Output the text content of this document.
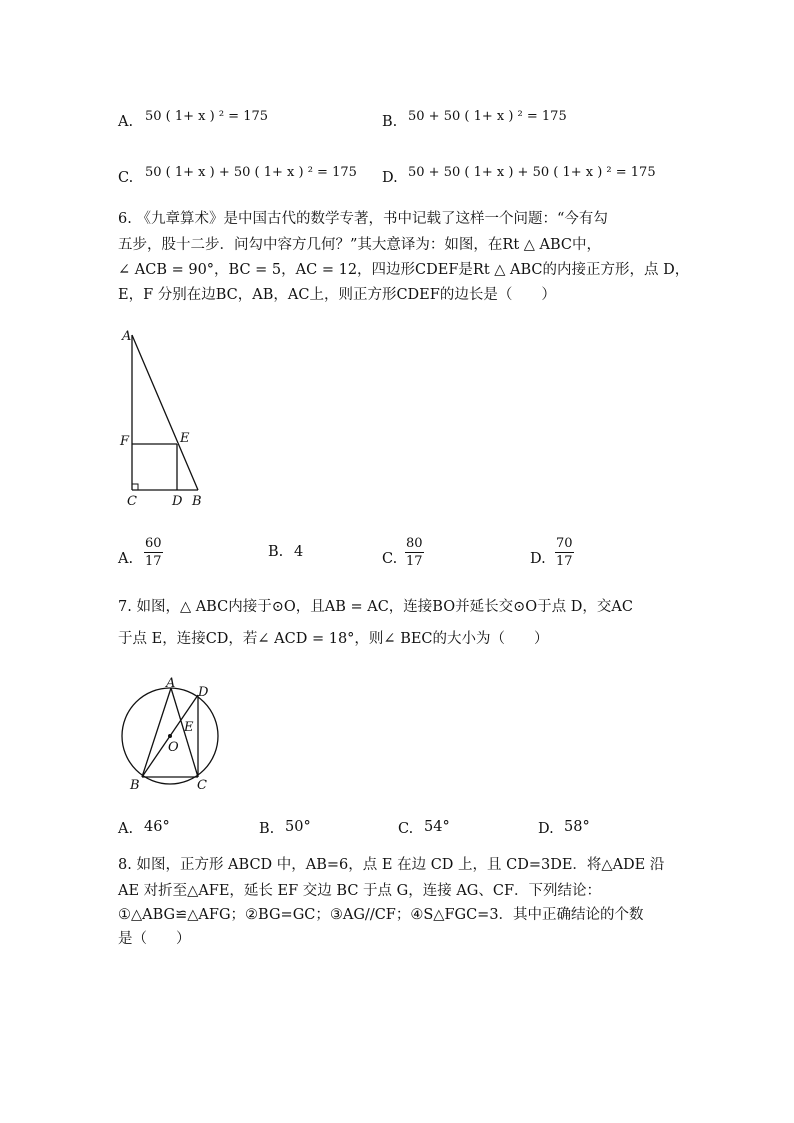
A. 50 ( 1+ x ) ² = 175	B. 50 + 50 ( 1+ x ) ² = 175
C. 50 ( 1+ x ) + 50 ( 1+ x ) ² = 175 D. 50 + 50 ( 1+ x ) + 50 ( 1+ x ) ² = 175
6. 《九章算术》是中国古代的数学专著，书中记载了这样一个问题：“今有勾
五步，股十二步．问勾中容方几何？”其大意译为：如图，在Rt △ ABC中，
∠ ACB = 90°，BC = 5，AC = 12，四边形CDEF是Rt △ ABC的内接正方形，点 D，
E，F 分别在边BC，AB，AC上，则正方形CDEF的边长是（　　）
A
F	E
C	D B
A. $\frac{60}{17}$	B. 4	C. $\frac{80}{17}$	D. $\frac{70}{17}$
7. 如图，△ ABC内接于⊙O，且AB = AC，连接BO并延长交⊙O于点 D，交AC
于点 E，连接CD，若∠ ACD = 18°，则∠ BEC的大小为（　　）
A
D
E
O
B	C
A. 46°	B. 50°	C. 54°	D. 58°
8. 如图，正方形 ABCD 中，AB=6，点 E 在边 CD 上，且 CD=3DE．将△ADE 沿
AE 对折至△AFE，延长 EF 交边 BC 于点 G，连接 AG、CF．下列结论：
①△ABG≌△AFG；②BG=GC；③AG//CF；④S△FGC=3．其中正确结论的个数
是（　　）
